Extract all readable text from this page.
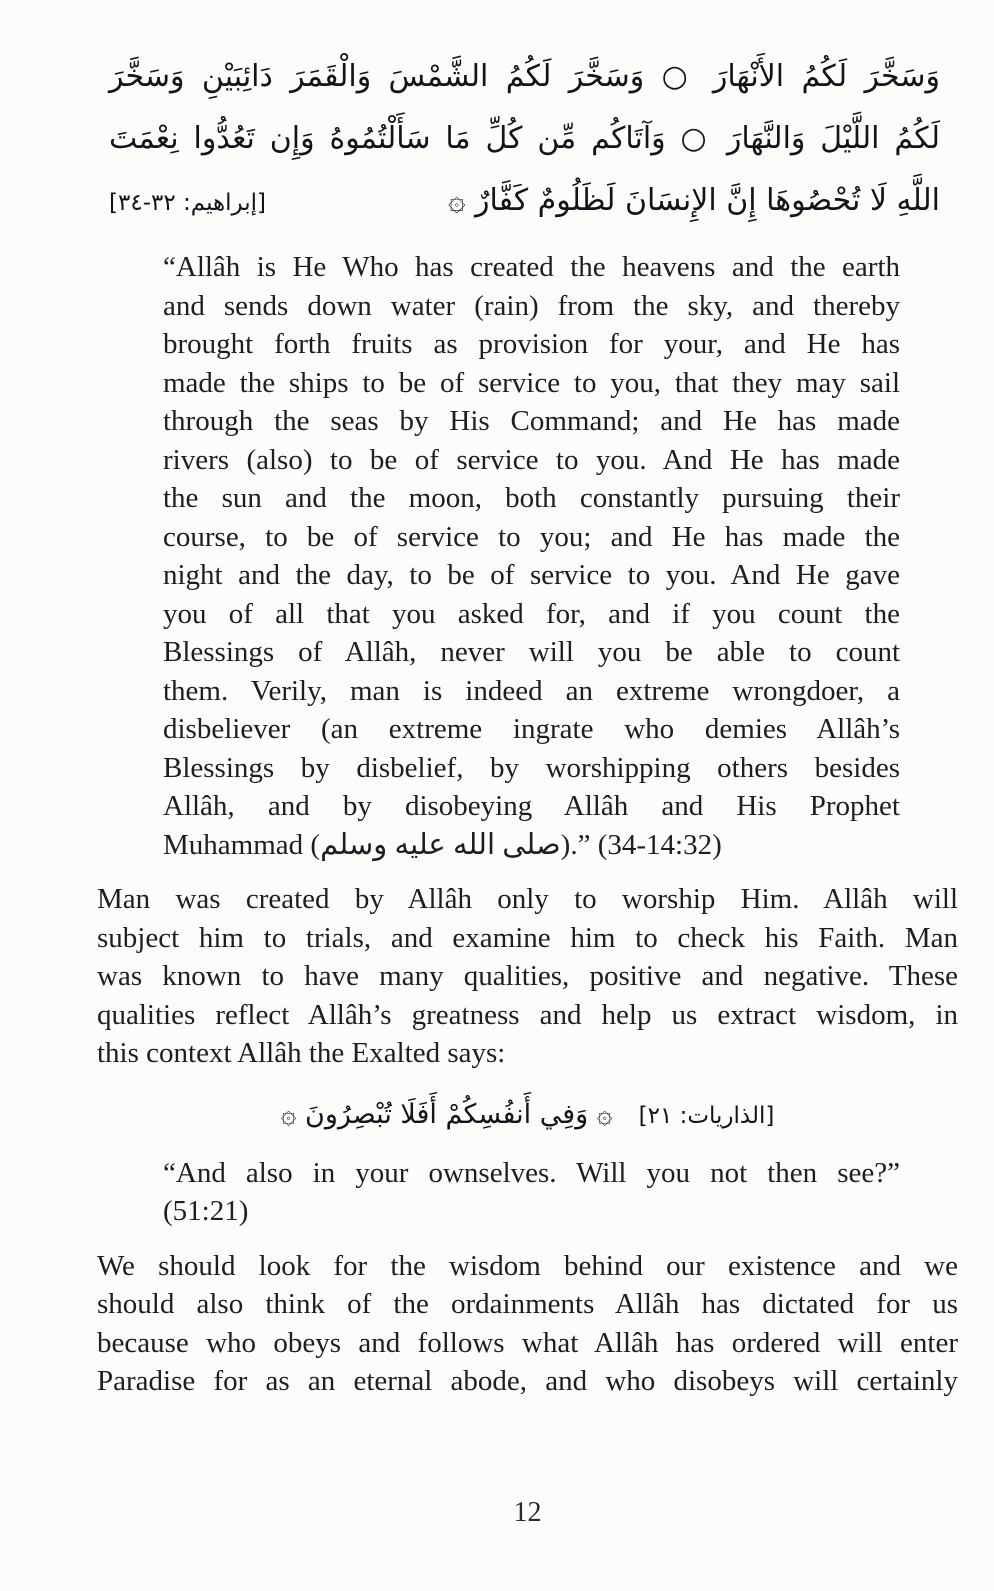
وَسَخَّرَ لَكُمُ الأَنْهَارَ ○ وَسَخَّرَ لَكُمُ الشَّمْسَ وَالْقَمَرَ دَائِبَيْنِ وَسَخَّرَ
لَكُمُ اللَّيْلَ وَالنَّهَارَ ○ وَآتَاكُم مِّن كُلِّ مَا سَأَلْتُمُوهُ وَإِن تَعُدُّوا نِعْمَتَ
اللَّهِ لَا تُحْصُوهَا إِنَّ الإِنسَانَ لَظَلُومٌ كَفَّارٌ ۞
[إبراهيم: ٣٢-٣٤]
“Allâh is He Who has created the heavens and the earth
and sends down water (rain) from the sky, and thereby
brought forth fruits as provision for your, and He has
made the ships to be of service to you, that they may sail
through the seas by His Command; and He has made
rivers (also) to be of service to you. And He has made
the sun and the moon, both constantly pursuing their
course, to be of service to you; and He has made the
night and the day, to be of service to you. And He gave
you of all that you asked for, and if you count the
Blessings of Allâh, never will you be able to count
them. Verily, man is indeed an extreme wrongdoer, a
disbeliever (an extreme ingrate who demies Allâh’s
Blessings by disbelief, by worshipping others besides
Allâh, and by disobeying Allâh and His Prophet
Muhammad (صلى الله عليه وسلم).” (14:32-34)
Man was created by Allâh only to worship Him. Allâh will
subject him to trials, and examine him to check his Faith. Man
was known to have many qualities, positive and negative. These
qualities reflect Allâh’s greatness and help us extract wisdom, in
this context Allâh the Exalted says:
۞ وَفِي أَنفُسِكُمْ أَفَلَا تُبْصِرُونَ ۞ [الذاريات: ٢١]
“And also in your ownselves. Will you not then see?”
(51:21)
We should look for the wisdom behind our existence and we
should also think of the ordainments Allâh has dictated for us
because who obeys and follows what Allâh has ordered will enter
Paradise for as an eternal abode, and who disobeys will certainly
12
